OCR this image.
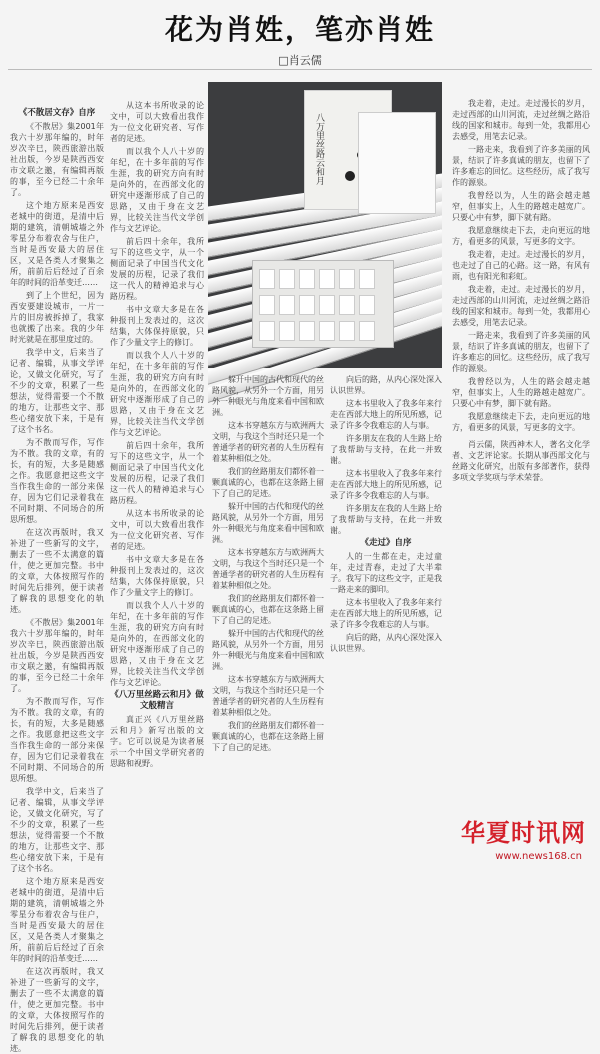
花为肖姓，笔亦肖姓
□肖云儒

《不散居文存》自序

《不散居》集2001年我六十岁那年编的，时年岁次辛巳，陕西旅游出版社出版，今岁是陕西西安市文联之邀，有编辑再版的事，至今已经二十余年了。

这个地方原来是西安老城中的街道，是清中后期的建筑，清朝城墙之外零星分布着农舍与住户，当时是西安最大的居住区，又是各类人才聚集之所，前前后后经过了百余年的时间的沿革变迁……

到了上个世纪，因为西安要建设城市，一片一片的旧房被拆掉了，我家也就搬了出来。我的少年时光就是在那里度过的。

我学中文，后来当了记者、编辑，从事文学评论，又做文化研究，写了不少的文章，积累了一些想法，觉得需要一个不散的地方，让那些文字、那些心绪安放下来，于是有了这个书名。

为不散而写作，写作为不散。我的文章，有的长，有的短，大多是随感之作。我愿意把这些文字当作我生命的一部分来保存，因为它们记录着我在不同时期、不同场合的所思所想。

在这次再版时，我又补进了一些新写的文字，删去了一些不太满意的篇什，使之更加完整。书中的文章，大体按照写作的时间先后排列，便于读者了解我的思想变化的轨迹。

《不散居》集2001年我六十岁那年编的，时年岁次辛巳，陕西旅游出版社出版，今岁是陕西西安市文联之邀，有编辑再版的事，至今已经二十余年了。

为不散而写作，写作为不散。我的文章，有的长，有的短，大多是随感之作。我愿意把这些文字当作我生命的一部分来保存，因为它们记录着我在不同时期、不同场合的所思所想。

我学中文，后来当了记者、编辑，从事文学评论，又做文化研究，写了不少的文章，积累了一些想法，觉得需要一个不散的地方，让那些文字、那些心绪安放下来，于是有了这个书名。

这个地方原来是西安老城中的街道，是清中后期的建筑，清朝城墙之外零星分布着农舍与住户，当时是西安最大的居住区，又是各类人才聚集之所，前前后后经过了百余年的时间的沿革变迁……

在这次再版时，我又补进了一些新写的文字，删去了一些不太满意的篇什，使之更加完整。书中的文章，大体按照写作的时间先后排列，便于读者了解我的思想变化的轨迹。

从这本书所收录的论文中，可以大致看出我作为一位文化研究者、写作者的足迹。

而以我个人八十岁的年纪，在十多年前的写作生涯，我的研究方向有时是向外的，在西部文化的研究中逐渐形成了自己的思路，又由于身在文艺界，比较关注当代文学创作与文艺评论。

前后四十余年，我所写下的这些文字，从一个侧面记录了中国当代文化发展的历程，记录了我们这一代人的精神追求与心路历程。

书中文章大多是在各种报刊上发表过的，这次结集，大体保持原貌，只作了少量文字上的修订。

而以我个人八十岁的年纪，在十多年前的写作生涯，我的研究方向有时是向外的，在西部文化的研究中逐渐形成了自己的思路，又由于身在文艺界，比较关注当代文学创作与文艺评论。

前后四十余年，我所写下的这些文字，从一个侧面记录了中国当代文化发展的历程，记录了我们这一代人的精神追求与心路历程。

从这本书所收录的论文中，可以大致看出我作为一位文化研究者、写作者的足迹。

书中文章大多是在各种报刊上发表过的，这次结集，大体保持原貌，只作了少量文字上的修订。

而以我个人八十岁的年纪，在十多年前的写作生涯，我的研究方向有时是向外的，在西部文化的研究中逐渐形成了自己的思路，又由于身在文艺界，比较关注当代文学创作与文艺评论。

《八万里丝路云和月》做文般精言

真正兴《八万里丝路云和月》新写出版的文字。它可以说是为读者展示一个中国文学研究者的思路和视野。

八万里丝路云和月

躲开中国的古代和现代的丝路风貌，从另外一个方面，用另外一种眼光与角度来看中国和欧洲。

这本书穿越东方与欧洲两大文明，与我这个当时还只是一个普通学者的研究者的人生历程有着某种相似之处。

我们的丝路朋友们都怀着一颗真诚的心，也都在这条路上留下了自己的足迹。

躲开中国的古代和现代的丝路风貌，从另外一个方面，用另外一种眼光与角度来看中国和欧洲。

这本书穿越东方与欧洲两大文明，与我这个当时还只是一个普通学者的研究者的人生历程有着某种相似之处。

我们的丝路朋友们都怀着一颗真诚的心，也都在这条路上留下了自己的足迹。

躲开中国的古代和现代的丝路风貌，从另外一个方面，用另外一种眼光与角度来看中国和欧洲。

这本书穿越东方与欧洲两大文明，与我这个当时还只是一个普通学者的研究者的人生历程有着某种相似之处。

我们的丝路朋友们都怀着一颗真诚的心，也都在这条路上留下了自己的足迹。

向后的路，从内心深处深入认识世界。

这本书里收入了我多年来行走在西部大地上的所见所感，记录了许多令我难忘的人与事。

许多朋友在我的人生路上给了我帮助与支持，在此一并致谢。

这本书里收入了我多年来行走在西部大地上的所见所感，记录了许多令我难忘的人与事。

许多朋友在我的人生路上给了我帮助与支持，在此一并致谢。

《走过》自序

人的一生都在走，走过童年，走过青春，走过了大半辈子。我写下的这些文字，正是我一路走来的脚印。

这本书里收入了我多年来行走在西部大地上的所见所感，记录了许多令我难忘的人与事。

向后的路，从内心深处深入认识世界。

我走着，走过。走过漫长的岁月，走过西部的山川河流，走过丝绸之路沿线的国家和城市。每到一处，我都用心去感受，用笔去记录。

一路走来，我看到了许多美丽的风景，结识了许多真诚的朋友，也留下了许多难忘的回忆。这些经历，成了我写作的源泉。

我曾经以为，人生的路会越走越窄，但事实上，人生的路越走越宽广。只要心中有梦，脚下就有路。

我愿意继续走下去，走向更远的地方，看更多的风景，写更多的文字。

我走着，走过。走过漫长的岁月，也走过了自己的心路。这一路，有风有雨，也有阳光和彩虹。

我走着，走过。走过漫长的岁月，走过西部的山川河流，走过丝绸之路沿线的国家和城市。每到一处，我都用心去感受，用笔去记录。

一路走来，我看到了许多美丽的风景，结识了许多真诚的朋友，也留下了许多难忘的回忆。这些经历，成了我写作的源泉。

我曾经以为，人生的路会越走越窄，但事实上，人生的路越走越宽广。只要心中有梦，脚下就有路。

我愿意继续走下去，走向更远的地方，看更多的风景，写更多的文字。

肖云儒，陕西神木人，著名文化学者、文艺评论家。长期从事西部文化与丝路文化研究，出版有多部著作，获得多项文学奖项与学术荣誉。

华夏时讯网
www.news168.cn
